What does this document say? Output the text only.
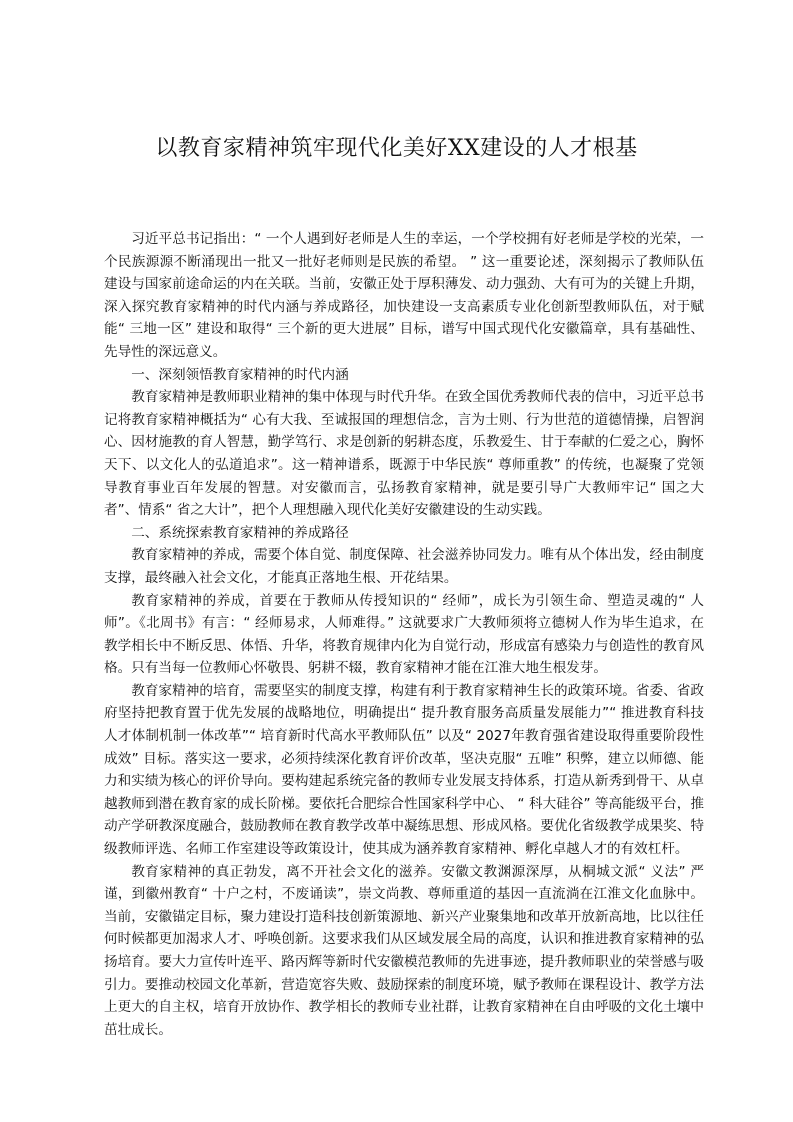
以教育家精神筑牢现代化美好XX建设的人才根基

习近平总书记指出：“ 一个人遇到好老师是人生的幸运，一个学校拥有好老师是学校的光荣，一个民族源源不断涌现出一批又一批好老师则是民族的希望。 ” 这一重要论述，深刻揭示了教师队伍建设与国家前途命运的内在关联。当前，安徽正处于厚积薄发、动力强劲、大有可为的关键上升期，深入探究教育家精神的时代内涵与养成路径，加快建设一支高素质专业化创新型教师队伍，对于赋能“ 三地一区” 建设和取得“ 三个新的更大进展” 目标，谱写中国式现代化安徽篇章，具有基础性、先导性的深远意义。

一、深刻领悟教育家精神的时代内涵

教育家精神是教师职业精神的集中体现与时代升华。在致全国优秀教师代表的信中，习近平总书记将教育家精神概括为“ 心有大我、至诚报国的理想信念，言为士则、行为世范的道德情操，启智润心、因材施教的育人智慧，勤学笃行、求是创新的躬耕态度，乐教爱生、甘于奉献的仁爱之心，胸怀天下、以文化人的弘道追求”。这一精神谱系，既源于中华民族“ 尊师重教” 的传统，也凝聚了党领导教育事业百年发展的智慧。对安徽而言，弘扬教育家精神，就是要引导广大教师牢记“ 国之大者”、情系“ 省之大计”，把个人理想融入现代化美好安徽建设的生动实践。

二、系统探索教育家精神的养成路径

教育家精神的养成，需要个体自觉、制度保障、社会滋养协同发力。唯有从个体出发，经由制度支撑，最终融入社会文化，才能真正落地生根、开花结果。

教育家精神的养成，首要在于教师从传授知识的“ 经师”，成长为引领生命、塑造灵魂的“ 人师”。《北周书》有言：“ 经师易求，人师难得。” 这就要求广大教师须将立德树人作为毕生追求，在教学相长中不断反思、体悟、升华，将教育规律内化为自觉行动，形成富有感染力与创造性的教育风格。只有当每一位教师心怀敬畏、躬耕不辍，教育家精神才能在江淮大地生根发芽。

教育家精神的培育，需要坚实的制度支撑，构建有利于教育家精神生长的政策环境。省委、省政府坚持把教育置于优先发展的战略地位，明确提出“ 提升教育服务高质量发展能力”“ 推进教育科技人才体制机制一体改革”“ 培育新时代高水平教师队伍” 以及“ 2027年教育强省建设取得重要阶段性成效” 目标。落实这一要求，必须持续深化教育评价改革，坚决克服“ 五唯” 积弊，建立以师德、能力和实绩为核心的评价导向。要构建起系统完备的教师专业发展支持体系，打造从新秀到骨干、从卓越教师到潜在教育家的成长阶梯。要依托合肥综合性国家科学中心、 “ 科大硅谷” 等高能级平台，推动产学研教深度融合，鼓励教师在教育教学改革中凝练思想、形成风格。要优化省级教学成果奖、特级教师评选、名师工作室建设等政策设计，使其成为涵养教育家精神、孵化卓越人才的有效杠杆。

教育家精神的真正勃发，离不开社会文化的滋养。安徽文教渊源深厚，从桐城文派“ 义法” 严谨，到徽州教育“ 十户之村，不废诵读”，崇文尚教、尊师重道的基因一直流淌在江淮文化血脉中。当前，安徽锚定目标，聚力建设打造科技创新策源地、新兴产业聚集地和改革开放新高地，比以往任何时候都更加渴求人才、呼唤创新。这要求我们从区域发展全局的高度，认识和推进教育家精神的弘扬培育。要大力宣传叶连平、路丙辉等新时代安徽模范教师的先进事迹，提升教师职业的荣誉感与吸引力。要推动校园文化革新，营造宽容失败、鼓励探索的制度环境，赋予教师在课程设计、教学方法上更大的自主权，培育开放协作、教学相长的教师专业社群，让教育家精神在自由呼吸的文化土壤中茁壮成长。
